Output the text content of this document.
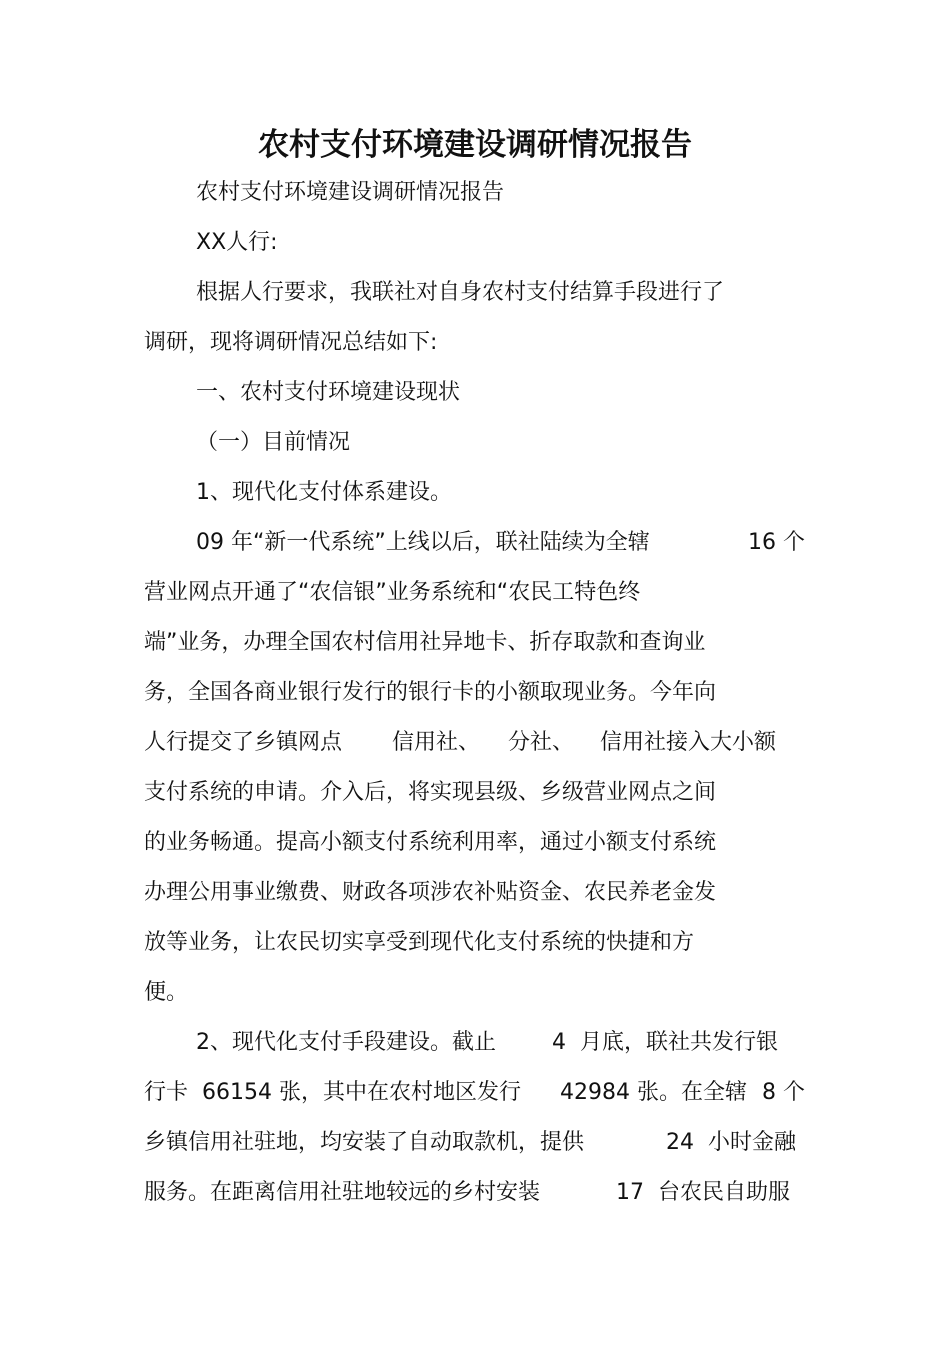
农村支付环境建设调研情况报告

农村支付环境建设调研情况报告

XX人行:

根据人行要求，我联社对自身农村支付结算手段进行了

调研，现将调研情况总结如下:

一、农村支付环境建设现状

（一）目前情况

1、现代化支付体系建设。

09 年“新一代系统”上线以后，联社陆续为全辖	16 个

营业网点开通了“农信银”业务系统和“农民工特色终

端”业务，办理全国农村信用社异地卡、折存取款和查询业

务，全国各商业银行发行的银行卡的小额取现业务。今年向

人行提交了乡镇网点 信用社、 分社、 信用社接入大小额

支付系统的申请。介入后，将实现县级、乡级营业网点之间

的业务畅通。提高小额支付系统利用率，通过小额支付系统

办理公用事业缴费、财政各项涉农补贴资金、农民养老金发

放等业务，让农民切实享受到现代化支付系统的快捷和方

便。

2、现代化支付手段建设。截止	4  月底，联社共发行银

行卡  66154 张，其中在农村地区发行 42984 张。在全辖 8 个

乡镇信用社驻地，均安装了自动取款机，提供	24  小时金融

服务。在距离信用社驻地较远的乡村安装	17  台农民自助服
